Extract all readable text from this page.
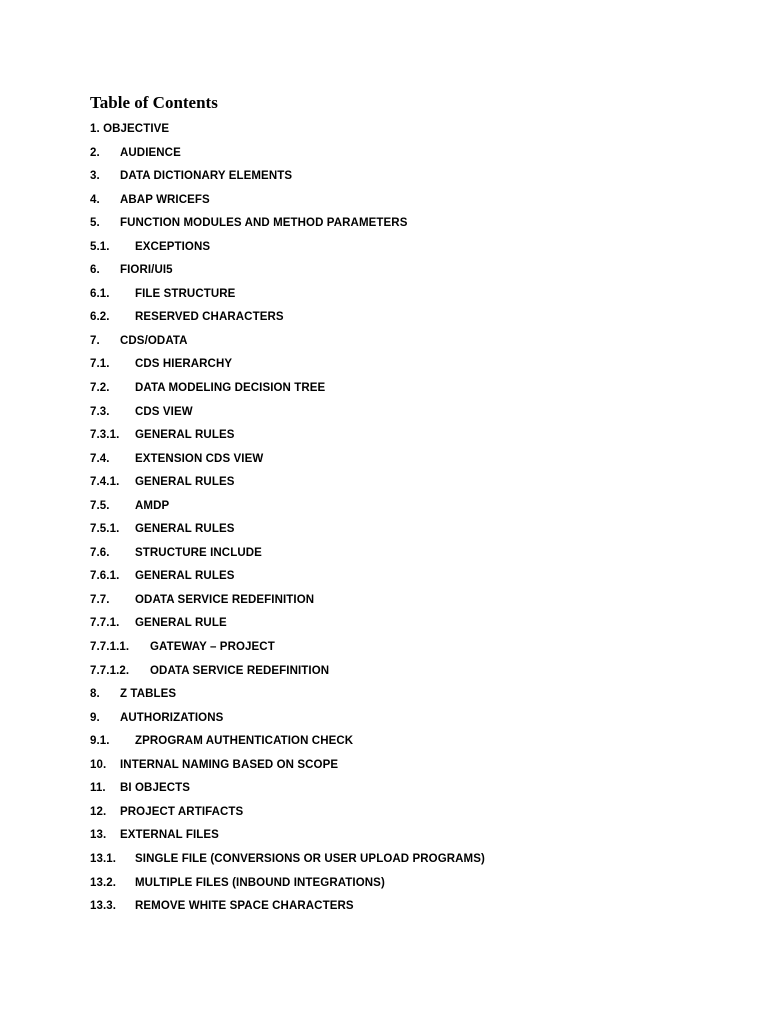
Table of Contents
1. OBJECTIVE
2. AUDIENCE
3. DATA DICTIONARY ELEMENTS
4. ABAP WRICEFS
5. FUNCTION MODULES AND METHOD PARAMETERS
5.1. EXCEPTIONS
6. FIORI/UI5
6.1. FILE STRUCTURE
6.2. RESERVED CHARACTERS
7. CDS/ODATA
7.1. CDS HIERARCHY
7.2. DATA MODELING DECISION TREE
7.3. CDS VIEW
7.3.1. GENERAL RULES
7.4. EXTENSION CDS VIEW
7.4.1. GENERAL RULES
7.5. AMDP
7.5.1. GENERAL RULES
7.6. STRUCTURE INCLUDE
7.6.1. GENERAL RULES
7.7. ODATA SERVICE REDEFINITION
7.7.1. GENERAL RULE
7.7.1.1. GATEWAY – PROJECT
7.7.1.2. ODATA SERVICE REDEFINITION
8. Z TABLES
9. AUTHORIZATIONS
9.1. ZPROGRAM AUTHENTICATION CHECK
10. INTERNAL NAMING BASED ON SCOPE
11. BI OBJECTS
12. PROJECT ARTIFACTS
13. EXTERNAL FILES
13.1. SINGLE FILE (CONVERSIONS OR USER UPLOAD PROGRAMS)
13.2. MULTIPLE FILES (INBOUND INTEGRATIONS)
13.3. REMOVE WHITE SPACE CHARACTERS
